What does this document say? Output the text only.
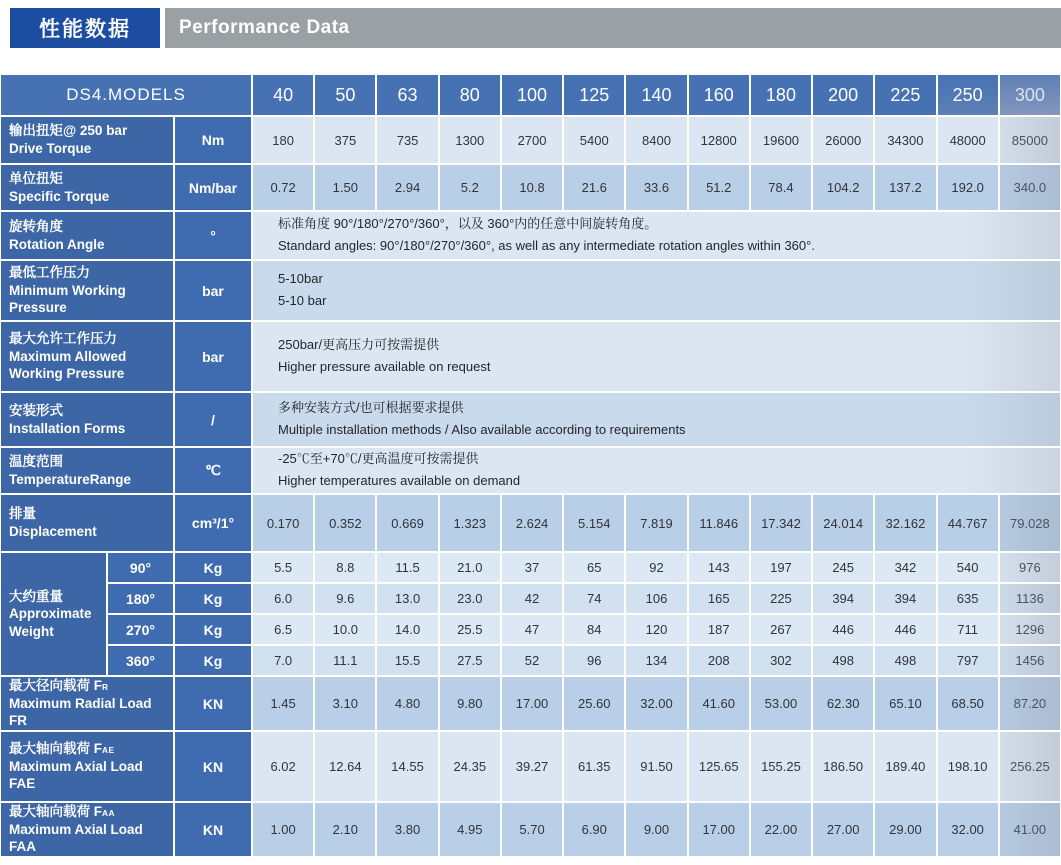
性能数据	Performance Data
DS4.MODELS	40	50	63	80	100	125	140	160	180	200	225	250	300
输出扭矩@ 250 bar
Drive Torque
Nm	180	375	735	1300	2700	5400	8400	12800	19600	26000	34300	48000	85000
单位扭矩
Specific Torque
Nm/bar	0.72	1.50	2.94	5.2	10.8	21.6	33.6	51.2	78.4	104.2	137.2	192.0	340.0
旋转角度
Rotation Angle
°
标准角度 90°/180°/270°/360°，以及 360°内的任意中间旋转角度。
Standard angles: 90°/180°/270°/360°, as well as any intermediate rotation angles within 360°.
最低工作压力
Minimum Working Pressure
bar
5-10bar
5-10 bar
最大允许工作压力
Maximum Allowed Working Pressure
bar
250bar/更高压力可按需提供
Higher pressure available on request
安装形式
Installation Forms
/
多种安装方式/也可根据要求提供
Multiple installation methods / Also available according to requirements
温度范围
TemperatureRange
℃
-25℃至+70℃/更高温度可按需提供
Higher temperatures available on demand
排量
Displacement
cm³/1°	0.170	0.352	0.669	1.323	2.624	5.154	7.819	11.846	17.342	24.014	32.162	44.767	79.028
大约重量
Approximate Weight
90°	Kg	5.5	8.8	11.5	21.0	37	65	92	143	197	245	342	540	976
180°	Kg	6.0	9.6	13.0	23.0	42	74	106	165	225	394	394	635	1136
270°	Kg	6.5	10.0	14.0	25.5	47	84	120	187	267	446	446	711	1296
360°	Kg	7.0	11.1	15.5	27.5	52	96	134	208	302	498	498	797	1456
最大径向载荷 FR
Maximum Radial Load FR
KN	1.45	3.10	4.80	9.80	17.00	25.60	32.00	41.60	53.00	62.30	65.10	68.50	87.20
最大轴向载荷 FAE
Maximum Axial Load FAE
KN	6.02	12.64	14.55	24.35	39.27	61.35	91.50	125.65	155.25	186.50	189.40	198.10	256.25
最大轴向载荷 FAA
Maximum Axial Load FAA
KN	1.00	2.10	3.80	4.95	5.70	6.90	9.00	17.00	22.00	27.00	29.00	32.00	41.00
